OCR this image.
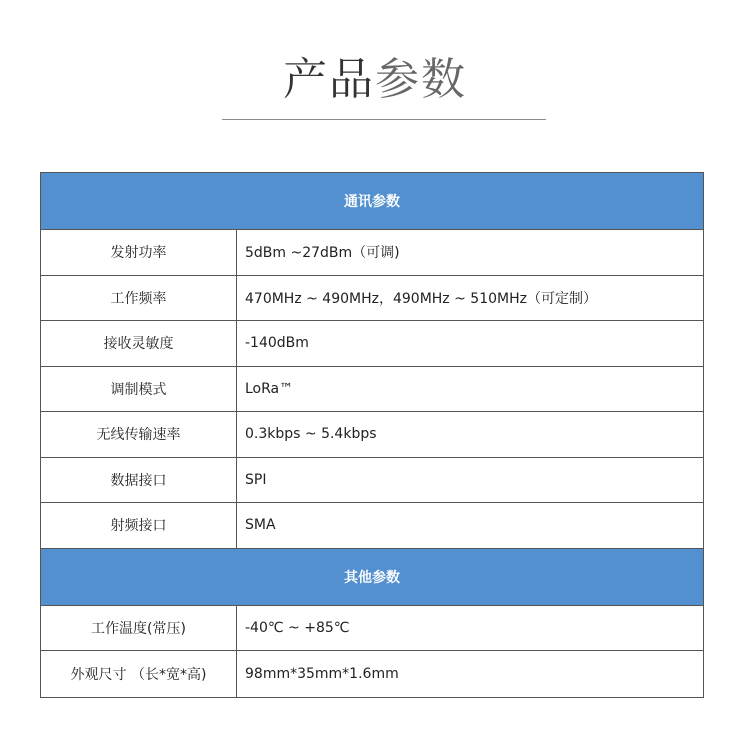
产品参数
通讯参数
发射功率	5dBm ~27dBm（可调)
工作频率	470MHz ~ 490MHz，490MHz ~ 510MHz（可定制）
接收灵敏度	-140dBm
调制模式	LoRa™
无线传输速率	0.3kbps ~ 5.4kbps
数据接口	SPI
射频接口	SMA
其他参数
工作温度(常压)	-40℃ ~ +85℃
外观尺寸 （长*宽*高)	98mm*35mm*1.6mm
